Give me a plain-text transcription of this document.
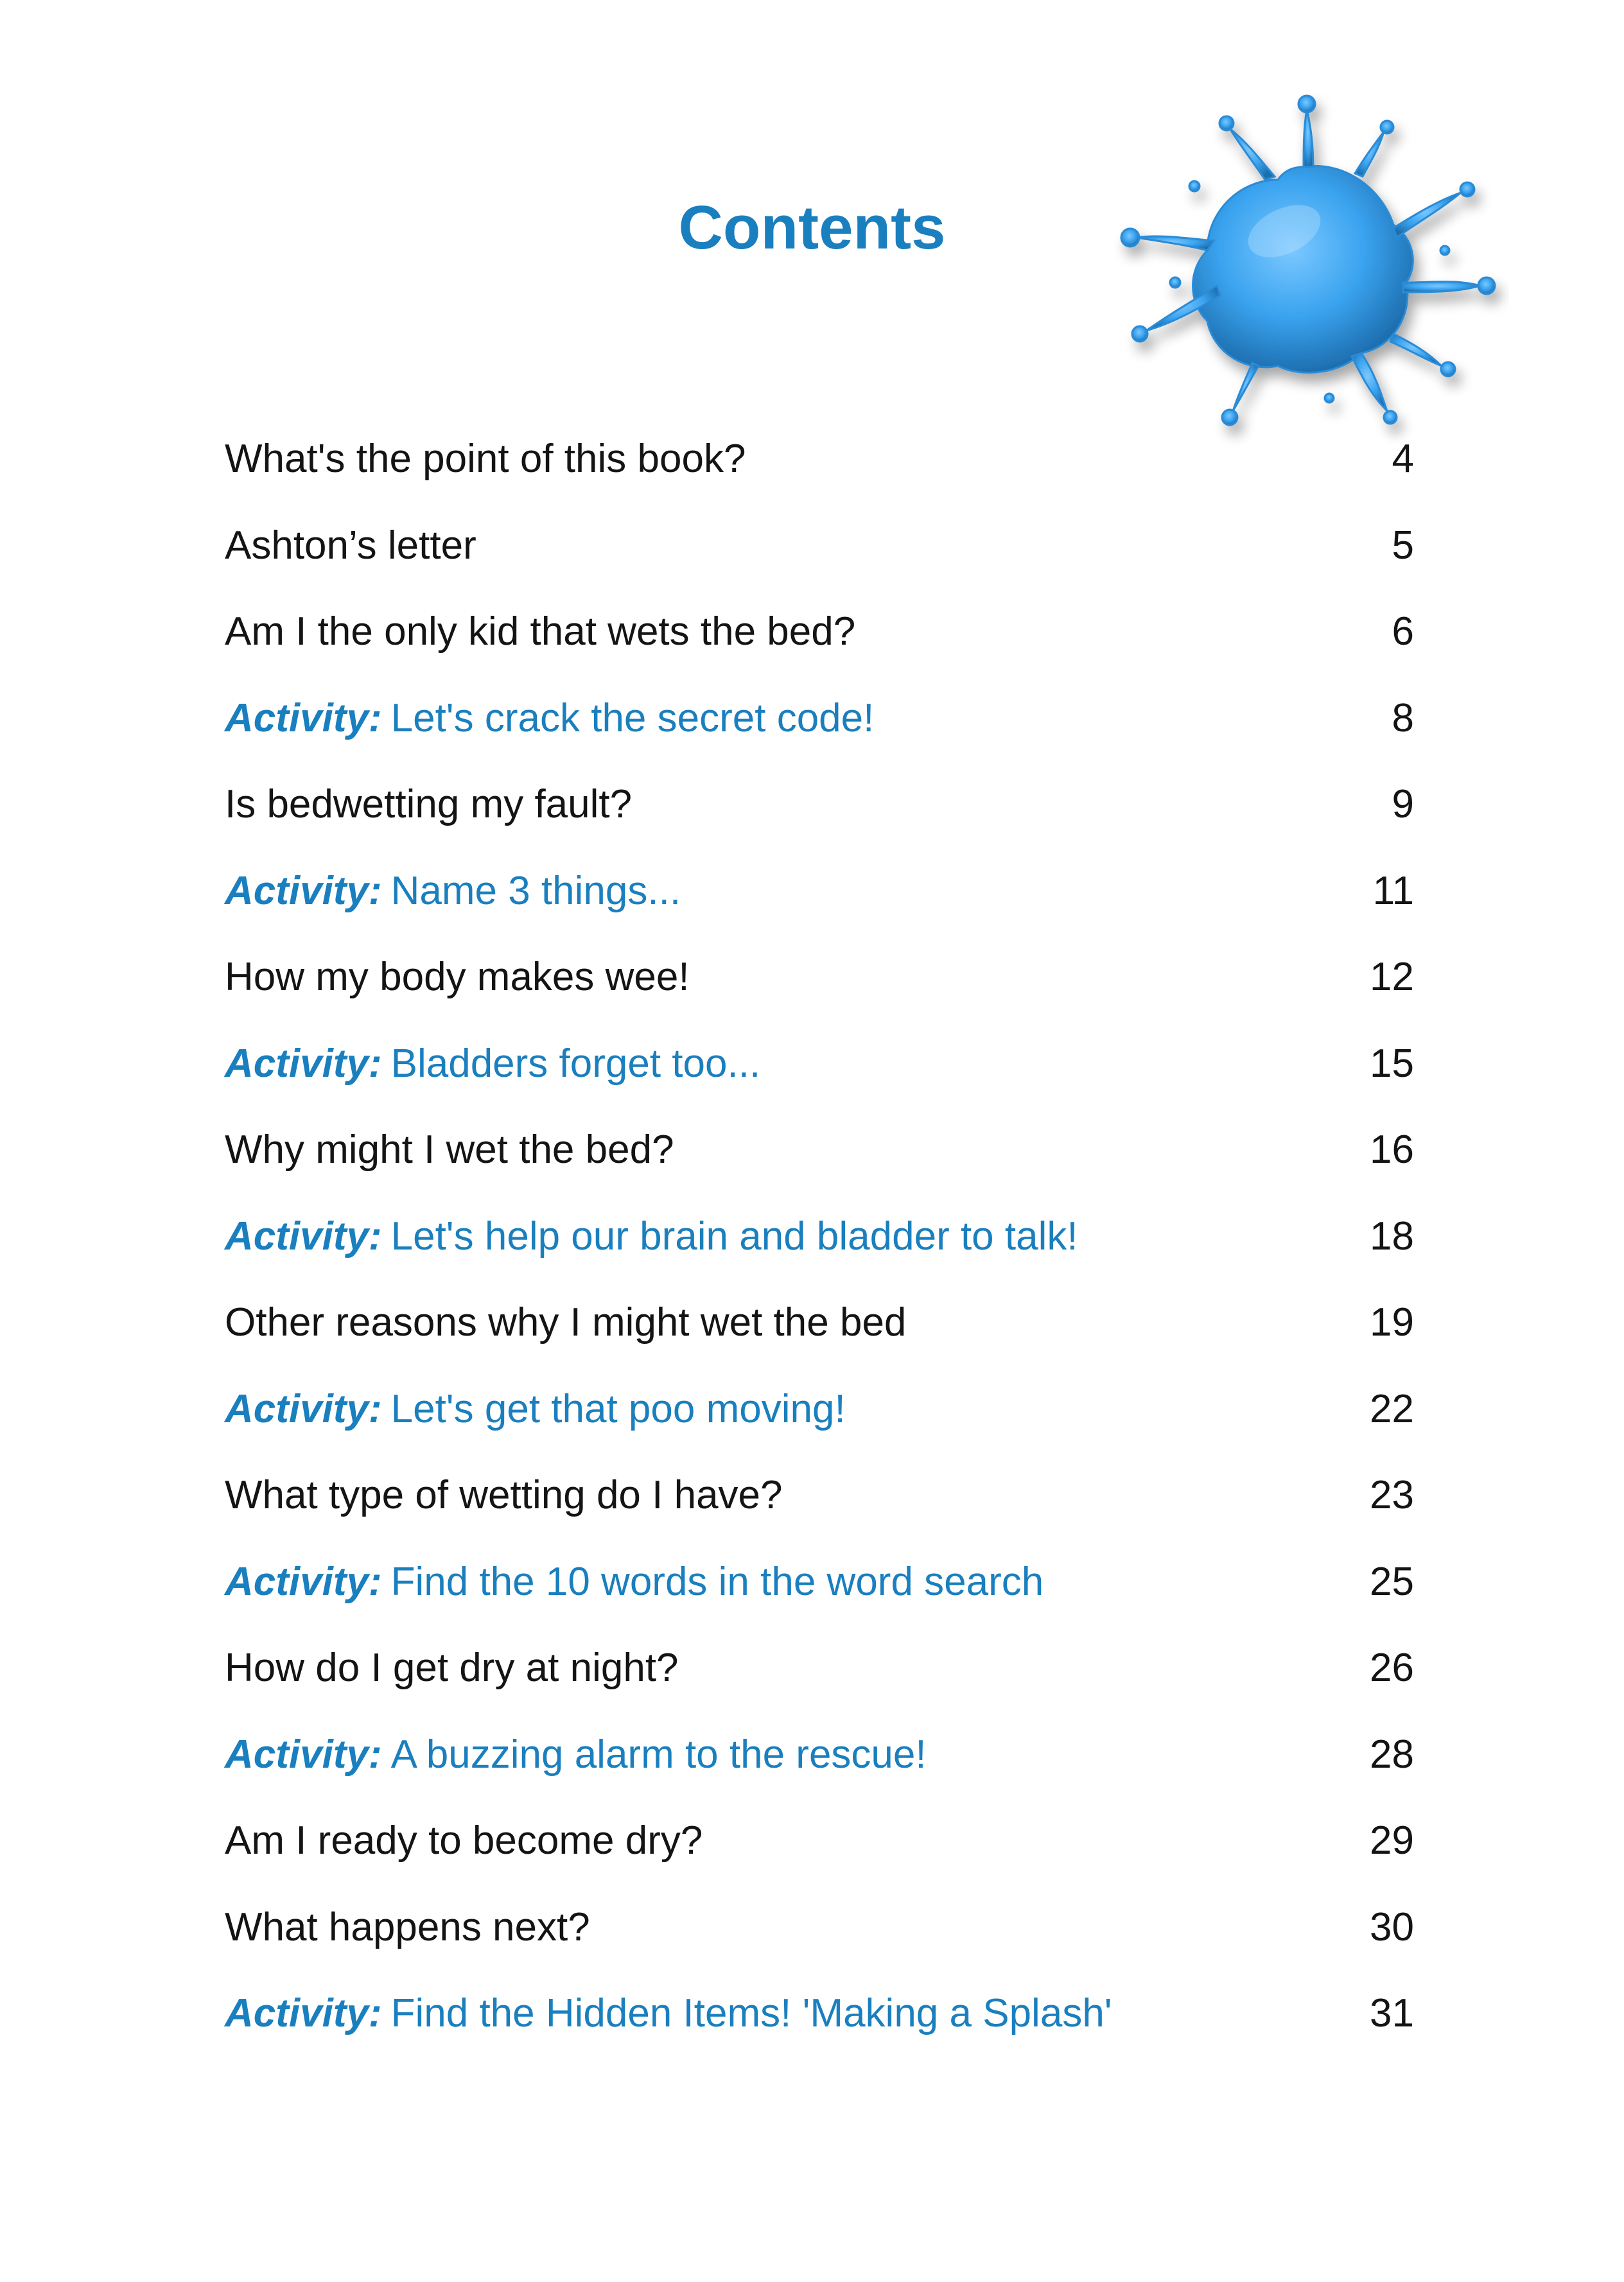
Contents
What's the point of this book?	4
Ashton’s letter	5
Am I the only kid that wets the bed?	6
Activity: Let's crack the secret code!	8
Is bedwetting my fault?	9
Activity: Name 3 things...	11
How my body makes wee!	12
Activity: Bladders forget too...	15
Why might I wet the bed?	16
Activity: Let's help our brain and bladder to talk!	18
Other reasons why I might wet the bed	19
Activity: Let's get that poo moving!	22
What type of wetting do I have?	23
Activity: Find the 10 words in the word search	25
How do I get dry at night?	26
Activity: A buzzing alarm to the rescue!	28
Am I ready to become dry?	29
What happens next?	30
Activity: Find the Hidden Items! 'Making a Splash'	31
